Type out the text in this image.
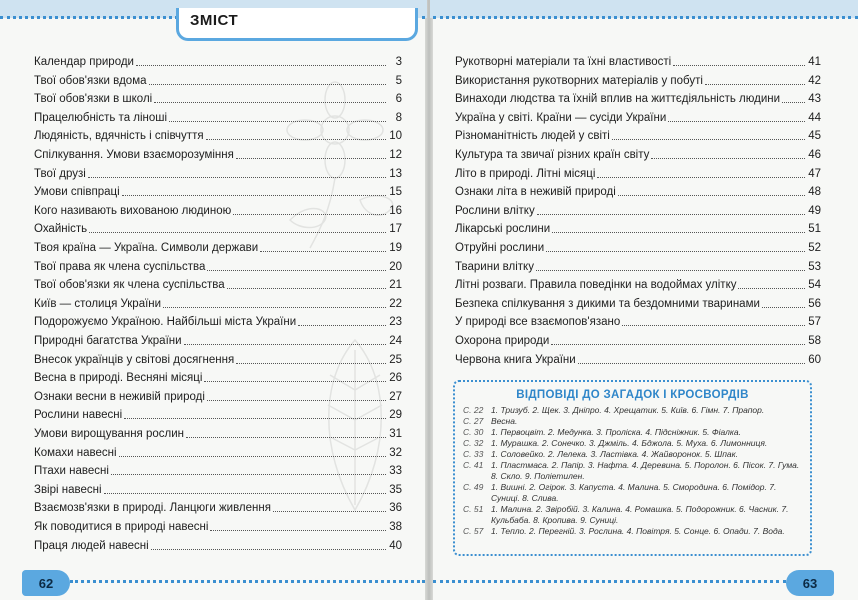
ЗМІСТ
Календар природи	3
Твої обов'язки вдома	5
Твої обов'язки в школі	6
Працелюбність та ліноші	8
Людяність, вдячність і співчуття	10
Спілкування. Умови взаєморозуміння	12
Твої друзі	13
Умови співпраці	15
Кого називають вихованою людиною	16
Охайність	17
Твоя країна — Україна. Символи держави	19
Твої права як члена суспільства	20
Твої обов'язки як члена суспільства	21
Київ — столиця України	22
Подорожуємо Україною. Найбільші міста України	23
Природні багатства України	24
Внесок українців у світові досягнення	25
Весна в природі. Весняні місяці	26
Ознаки весни в неживій природі	27
Рослини навесні	29
Умови вирощування рослин	31
Комахи навесні	32
Птахи навесні	33
Звірі навесні	35
Взаємозв'язки в природі. Ланцюги живлення	36
Як поводитися в природі навесні	38
Праця людей навесні	40
Рукотворні матеріали та їхні властивості	41
Використання рукотворних матеріалів у побуті	42
Винаходи людства та їхній вплив на життєдіяльність людини 43
Україна у світі. Країни — сусіди України	44
Різноманітність людей у світі	45
Культура та звичаї різних країн світу	46
Літо в природі. Літні місяці	47
Ознаки літа в неживій природі	48
Рослини влітку	49
Лікарські рослини	51
Отруйні рослини	52
Тварини влітку	53
Літні розваги. Правила поведінки на водоймах улітку	54
Безпека спілкування з дикими та бездомними тваринами	56
У природі все взаємопов'язано	57
Охорона природи	58
Червона книга України	60
ВІДПОВІДІ ДО ЗАГАДОК І КРОСВОРДІВ
С. 22 1. Тризуб. 2. Щек. 3. Дніпро. 4. Хрещатик. 5. Київ. 6. Гімн. 7. Прапор.
С. 27 Весна.
С. 30 1. Первоцвіт. 2. Медунка. 3. Проліска. 4. Підсніжник. 5. Фіалка.
С. 32 1. Мурашка. 2. Сонечко. 3. Джміль. 4. Бджола. 5. Муха. 6. Лимонниця.
С. 33 1. Соловейко. 2. Лелека. 3. Ластівка. 4. Жайворонок. 5. Шпак.
С. 41 1. Пластмаса. 2. Папір. 3. Нафта. 4. Деревина. 5. Поролон. 6. Пісок. 7. Гума. 8. Скло. 9. Поліетилен.
С. 49 1. Вишні. 2. Огірок. 3. Капуста. 4. Малина. 5. Смородина. 6. Помідор. 7. Суниці. 8. Слива.
С. 51 1. Малина. 2. Звіробій. 3. Калина. 4. Ромашка. 5. Подорожник. 6. Часник. 7. Кульбаба. 8. Кропива. 9. Суниці.
С. 57 1. Тепло. 2. Перегній. 3. Рослина. 4. Повітря. 5. Сонце. 6. Опади. 7. Вода.
62	63
